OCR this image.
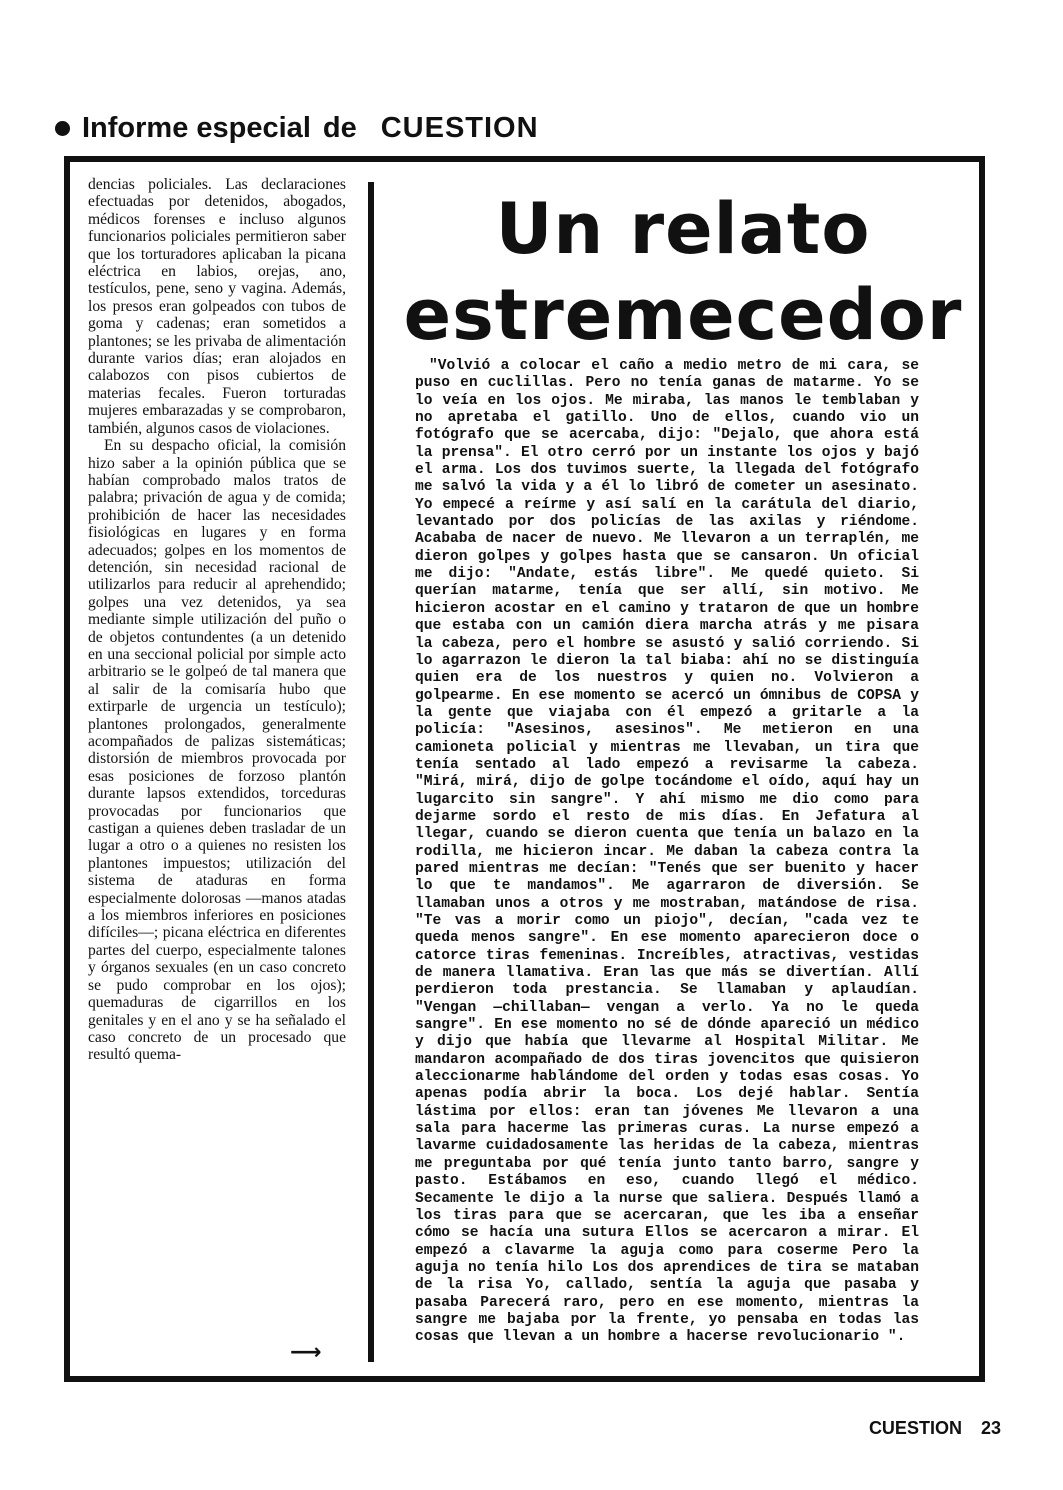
Informe especial de CUESTION

dencias policiales. Las declaraciones efectuadas por detenidos, abogados, médicos forenses e incluso algunos funcionarios policiales permitieron saber que los torturadores aplicaban la picana eléctrica en labios, orejas, ano, testículos, pene, seno y vagina. Además, los presos eran golpeados con tubos de goma y cadenas; eran sometidos a plantones; se les privaba de alimentación durante varios días; eran alojados en calabozos con pisos cubiertos de materias fecales. Fueron torturadas mujeres embarazadas y se comprobaron, también, algunos casos de violaciones.

En su despacho oficial, la comisión hizo saber a la opinión pública que se habían comprobado malos tratos de palabra; privación de agua y de comida; prohibición de hacer las necesidades fisiológicas en lugares y en forma adecuados; golpes en los momentos de detención, sin necesidad racional de utilizarlos para reducir al aprehendido; golpes una vez detenidos, ya sea mediante simple utilización del puño o de objetos contundentes (a un detenido en una seccional policial por simple acto arbitrario se le golpeó de tal manera que al salir de la comisaría hubo que extirparle de urgencia un testículo); plantones prolongados, generalmente acompañados de palizas sistemáticas; distorsión de miembros provocada por esas posiciones de forzoso plantón durante lapsos extendidos, torceduras provocadas por funcionarios que castigan a quienes deben trasladar de un lugar a otro o a quienes no resisten los plantones impuestos; utilización del sistema de ataduras en forma especialmente dolorosas —manos atadas a los miembros inferiores en posiciones difíciles—; picana eléctrica en diferentes partes del cuerpo, especialmente talones y órganos sexuales (en un caso concreto se pudo comprobar en los ojos); quemaduras de cigarrillos en los genitales y en el ano y se ha señalado el caso concreto de un procesado que resultó quema-

⟶
Un relato
estremecedor

"Volvió a colocar el caño a medio metro de mi cara, se puso en cuclillas. Pero no tenía ganas de matarme. Yo se lo veía en los ojos. Me miraba, las manos le temblaban y no apretaba el gatillo. Uno de ellos, cuando vio un fotógrafo que se acercaba, dijo: "Dejalo, que ahora está la prensa". El otro cerró por un instante los ojos y bajó el arma. Los dos tuvimos suerte, la llegada del fotógrafo me salvó la vida y a él lo libró de cometer un asesinato. Yo empecé a reírme y así salí en la carátula del diario, levantado por dos policías de las axilas y riéndome. Acababa de nacer de nuevo. Me llevaron a un terraplén, me dieron golpes y golpes hasta que se cansaron. Un oficial me dijo: "Andate, estás libre". Me quedé quieto. Si querían matarme, tenía que ser allí, sin motivo. Me hicieron acostar en el camino y trataron de que un hombre que estaba con un camión diera marcha atrás y me pisara la cabeza, pero el hombre se asustó y salió corriendo. Si lo agarrazon le dieron la tal biaba: ahí no se distinguía quien era de los nuestros y quien no. Volvieron a golpearme. En ese momento se acercó un ómnibus de COPSA y la gente que viajaba con él empezó a gritarle a la policía: "Asesinos, asesinos". Me metieron en una camioneta policial y mientras me llevaban, un tira que tenía sentado al lado empezó a revisarme la cabeza. "Mirá, mirá, dijo de golpe tocándome el oído, aquí hay un lugarcito sin sangre". Y ahí mismo me dio como para dejarme sordo el resto de mis días. En Jefatura al llegar, cuando se dieron cuenta que tenía un balazo en la rodilla, me hicieron incar. Me daban la cabeza contra la pared mientras me decían: "Tenés que ser buenito y hacer lo que te mandamos". Me agarraron de diversión. Se llamaban unos a otros y me mostraban, matándose de risa. "Te vas a morir como un piojo", decían, "cada vez te queda menos sangre". En ese momento aparecieron doce o catorce tiras femeninas. Increíbles, atractivas, vestidas de manera llamativa. Eran las que más se divertían. Allí perdieron toda prestancia. Se llamaban y aplaudían. "Vengan —chillaban— vengan a verlo. Ya no le queda sangre". En ese momento no sé de dónde apareció un médico y dijo que había que llevarme al Hospital Militar. Me mandaron acompañado de dos tiras jovencitos que quisieron aleccionarme hablándome del orden y todas esas cosas. Yo apenas podía abrir la boca. Los dejé hablar. Sentía lástima por ellos: eran tan jóvenes Me llevaron a una sala para hacerme las primeras curas. La nurse empezó a lavarme cuidadosamente las heridas de la cabeza, mientras me preguntaba por qué tenía junto tanto barro, sangre y pasto. Estábamos en eso, cuando llegó el médico. Secamente le dijo a la nurse que saliera. Después llamó a los tiras para que se acercaran, que les iba a enseñar cómo se hacía una sutura Ellos se acercaron a mirar. El empezó a clavarme la aguja como para coserme Pero la aguja no tenía hilo Los dos aprendices de tira se mataban de la risa Yo, callado, sentía la aguja que pasaba y pasaba Parecerá raro, pero en ese momento, mientras la sangre me bajaba por la frente, yo pensaba en todas las cosas que llevan a un hombre a hacerse revolucionario ".

CUESTION 23
